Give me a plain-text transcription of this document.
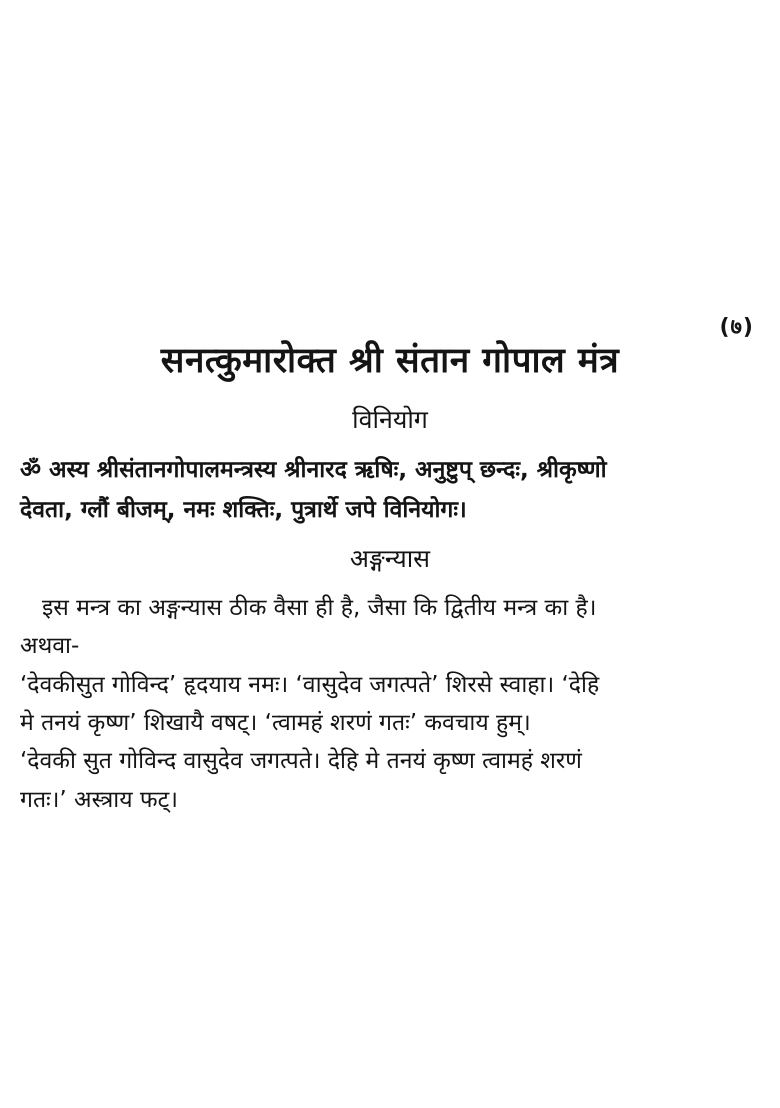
(७)
सनत्कुमारोक्त श्री संतान गोपाल मंत्र
विनियोग
ॐ अस्य श्रीसंतानगोपालमन्त्रस्य श्रीनारद ऋषिः, अनुष्टुप् छन्दः, श्रीकृष्णो
देवता, ग्लौं बीजम्, नमः शक्तिः, पुत्रार्थे जपे विनियोगः।
अङ्गन्यास
इस मन्त्र का अङ्गन्यास ठीक वैसा ही है, जैसा कि द्वितीय मन्त्र का है।
अथवा-
‘देवकीसुत गोविन्द’ हृदयाय नमः। ‘वासुदेव जगत्पते’ शिरसे स्वाहा। ‘देहि
मे तनयं कृष्ण’ शिखायै वषट्। ‘त्वामहं शरणं गतः’ कवचाय हुम्।
‘देवकी सुत गोविन्द वासुदेव जगत्पते। देहि मे तनयं कृष्ण त्वामहं शरणं
गतः।’ अस्त्राय फट्।
